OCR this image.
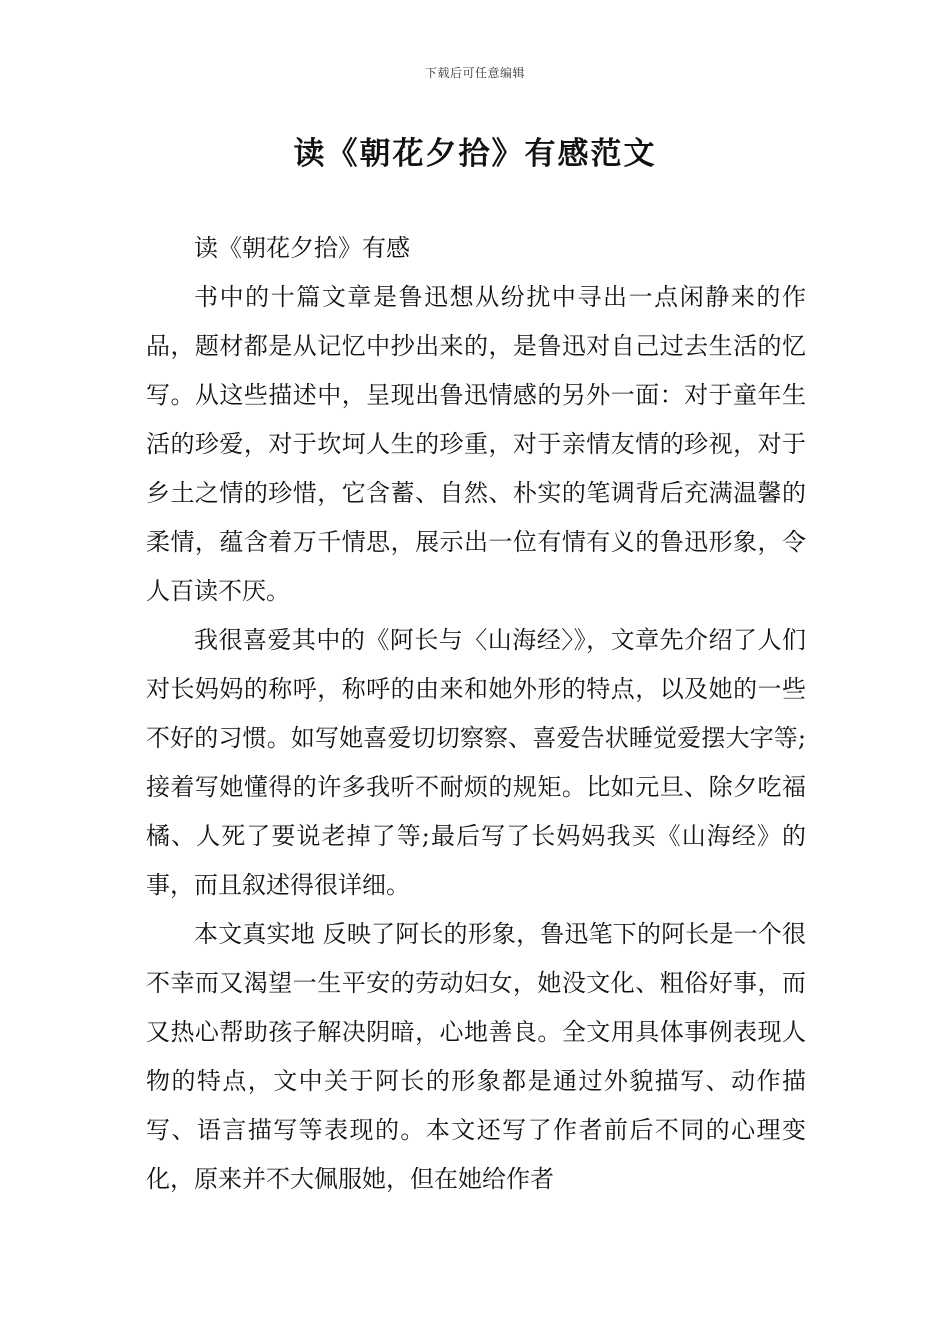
下载后可任意编辑
读《朝花夕拾》有感范文

读《朝花夕拾》有感

书中的十篇文章是鲁迅想从纷扰中寻出一点闲静来的作品，题材都是从记忆中抄出来的，是鲁迅对自己过去生活的忆写。从这些描述中，呈现出鲁迅情感的另外一面：对于童年生活的珍爱，对于坎坷人生的珍重，对于亲情友情的珍视，对于乡土之情的珍惜，它含蓄、自然、朴实的笔调背后充满温馨的柔情，蕴含着万千情思，展示出一位有情有义的鲁迅形象，令人百读不厌。

我很喜爱其中的《阿长与〈山海经〉》，文章先介绍了人们对长妈妈的称呼，称呼的由来和她外形的特点，以及她的一些不好的习惯。如写她喜爱切切察察、喜爱告状睡觉爱摆大字等;接着写她懂得的许多我听不耐烦的规矩。比如元旦、除夕吃福橘、人死了要说老掉了等;最后写了长妈妈我买《山海经》的事，而且叙述得很详细。

本文真实地 反映了阿长的形象，鲁迅笔下的阿长是一个很不幸而又渴望一生平安的劳动妇女，她没文化、粗俗好事，而又热心帮助孩子解决阴暗，心地善良。全文用具体事例表现人物的特点，文中关于阿长的形象都是通过外貌描写、动作描写、语言描写等表现的。本文还写了作者前后不同的心理变化，原来并不大佩服她，但在她给作者
